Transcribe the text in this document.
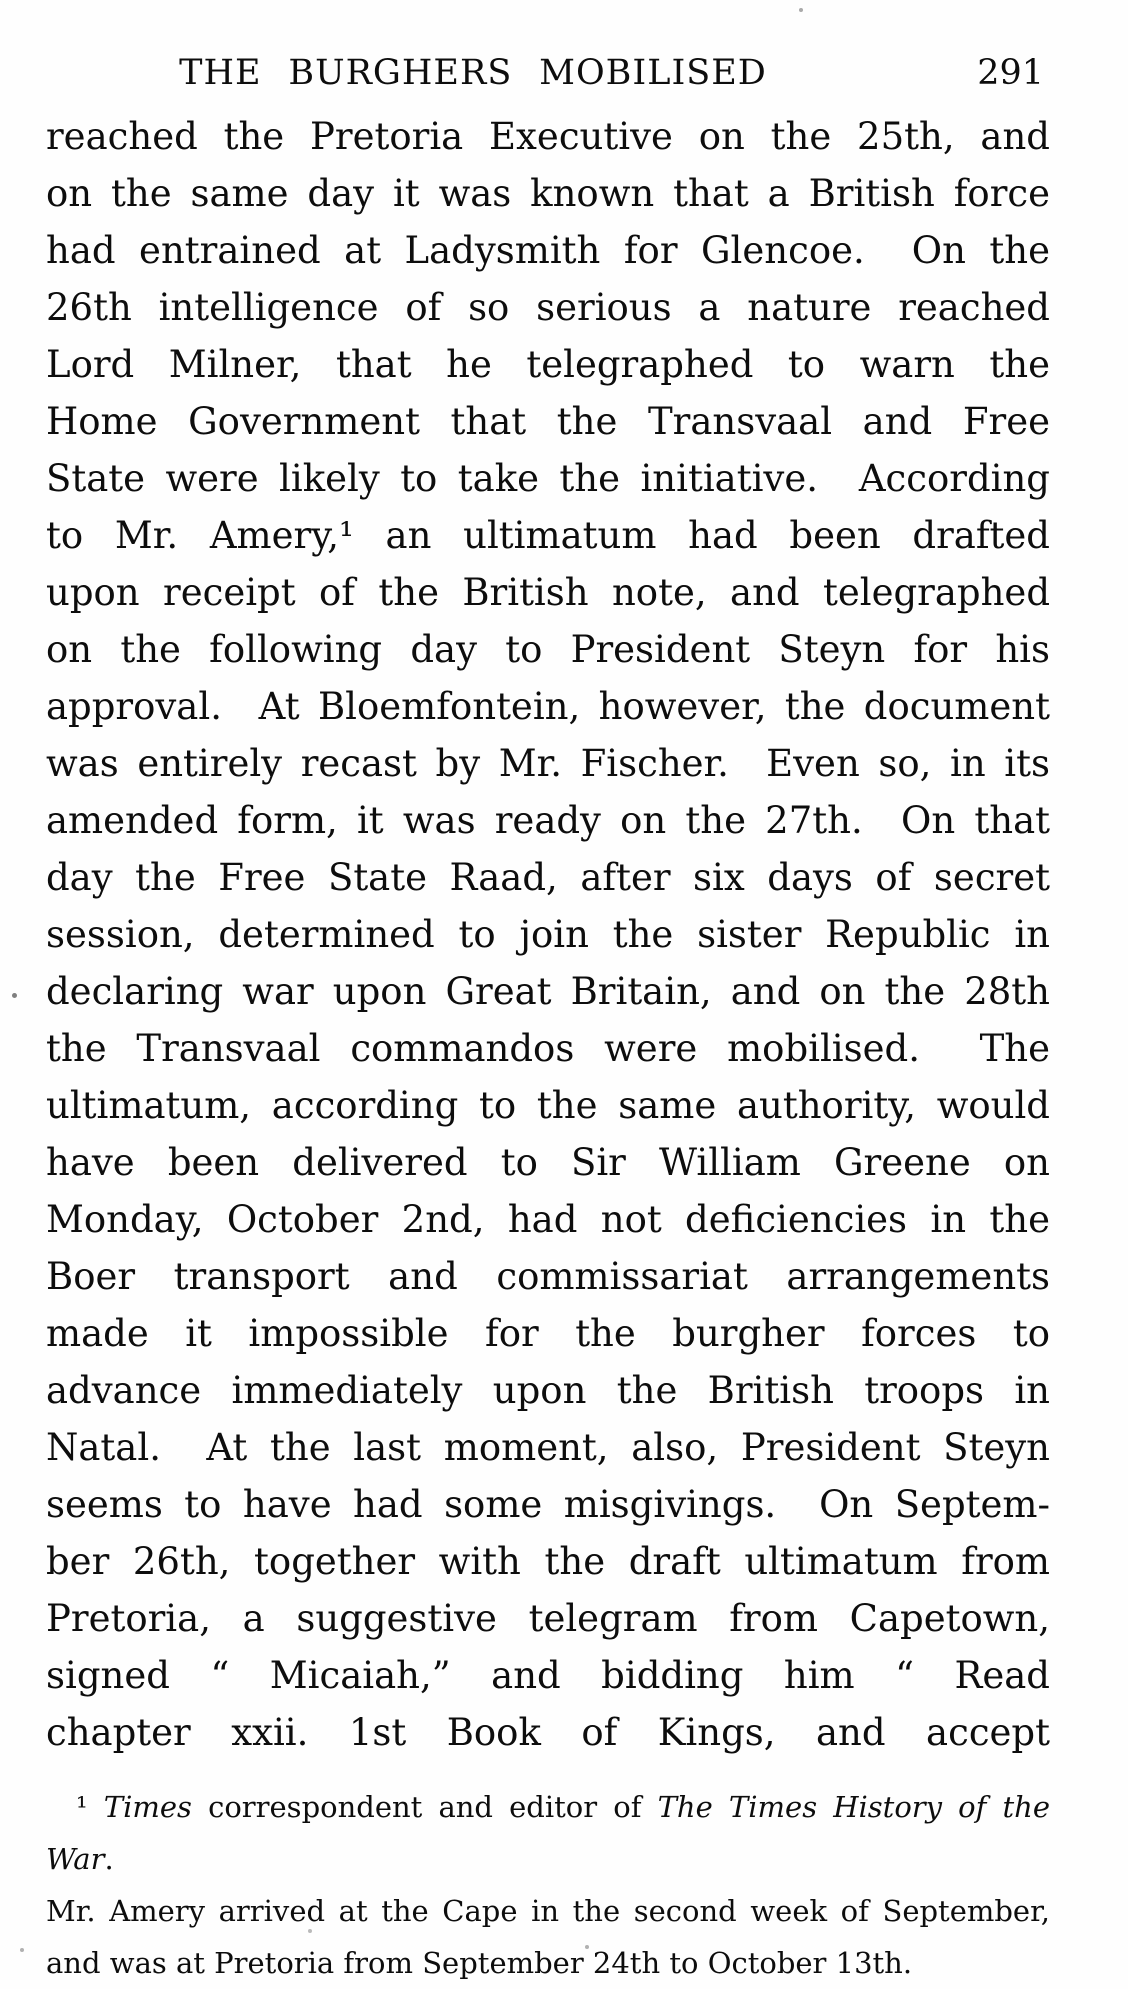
THE BURGHERS MOBILISED	291
reached the Pretoria Executive on the 25th, and
on the same day it was known that a British force
had entrained at Ladysmith for Glencoe.  On the
26th intelligence of so serious a nature reached
Lord Milner, that he telegraphed to warn the
Home Government that the Transvaal and Free
State were likely to take the initiative.  According
to Mr. Amery,¹ an ultimatum had been drafted
upon receipt of the British note, and telegraphed
on the following day to President Steyn for his
approval.  At Bloemfontein, however, the document
was entirely recast by Mr. Fischer.  Even so, in its
amended form, it was ready on the 27th.  On that
day the Free State Raad, after six days of secret
session, determined to join the sister Republic in
declaring war upon Great Britain, and on the 28th
the Transvaal commandos were mobilised.  The
ultimatum, according to the same authority, would
have been delivered to Sir William Greene on
Monday, October 2nd, had not deficiencies in the
Boer transport and commissariat arrangements
made it impossible for the burgher forces to
advance immediately upon the British troops in
Natal.  At the last moment, also, President Steyn
seems to have had some misgivings.  On Septem-
ber 26th, together with the draft ultimatum from
Pretoria, a suggestive telegram from Capetown,
signed “ Micaiah,” and bidding him “ Read
chapter xxii. 1st Book of Kings, and accept
¹ Times correspondent and editor of The Times History of the War.
Mr. Amery arrived at the Cape in the second week of September,
and was at Pretoria from September 24th to October 13th.
